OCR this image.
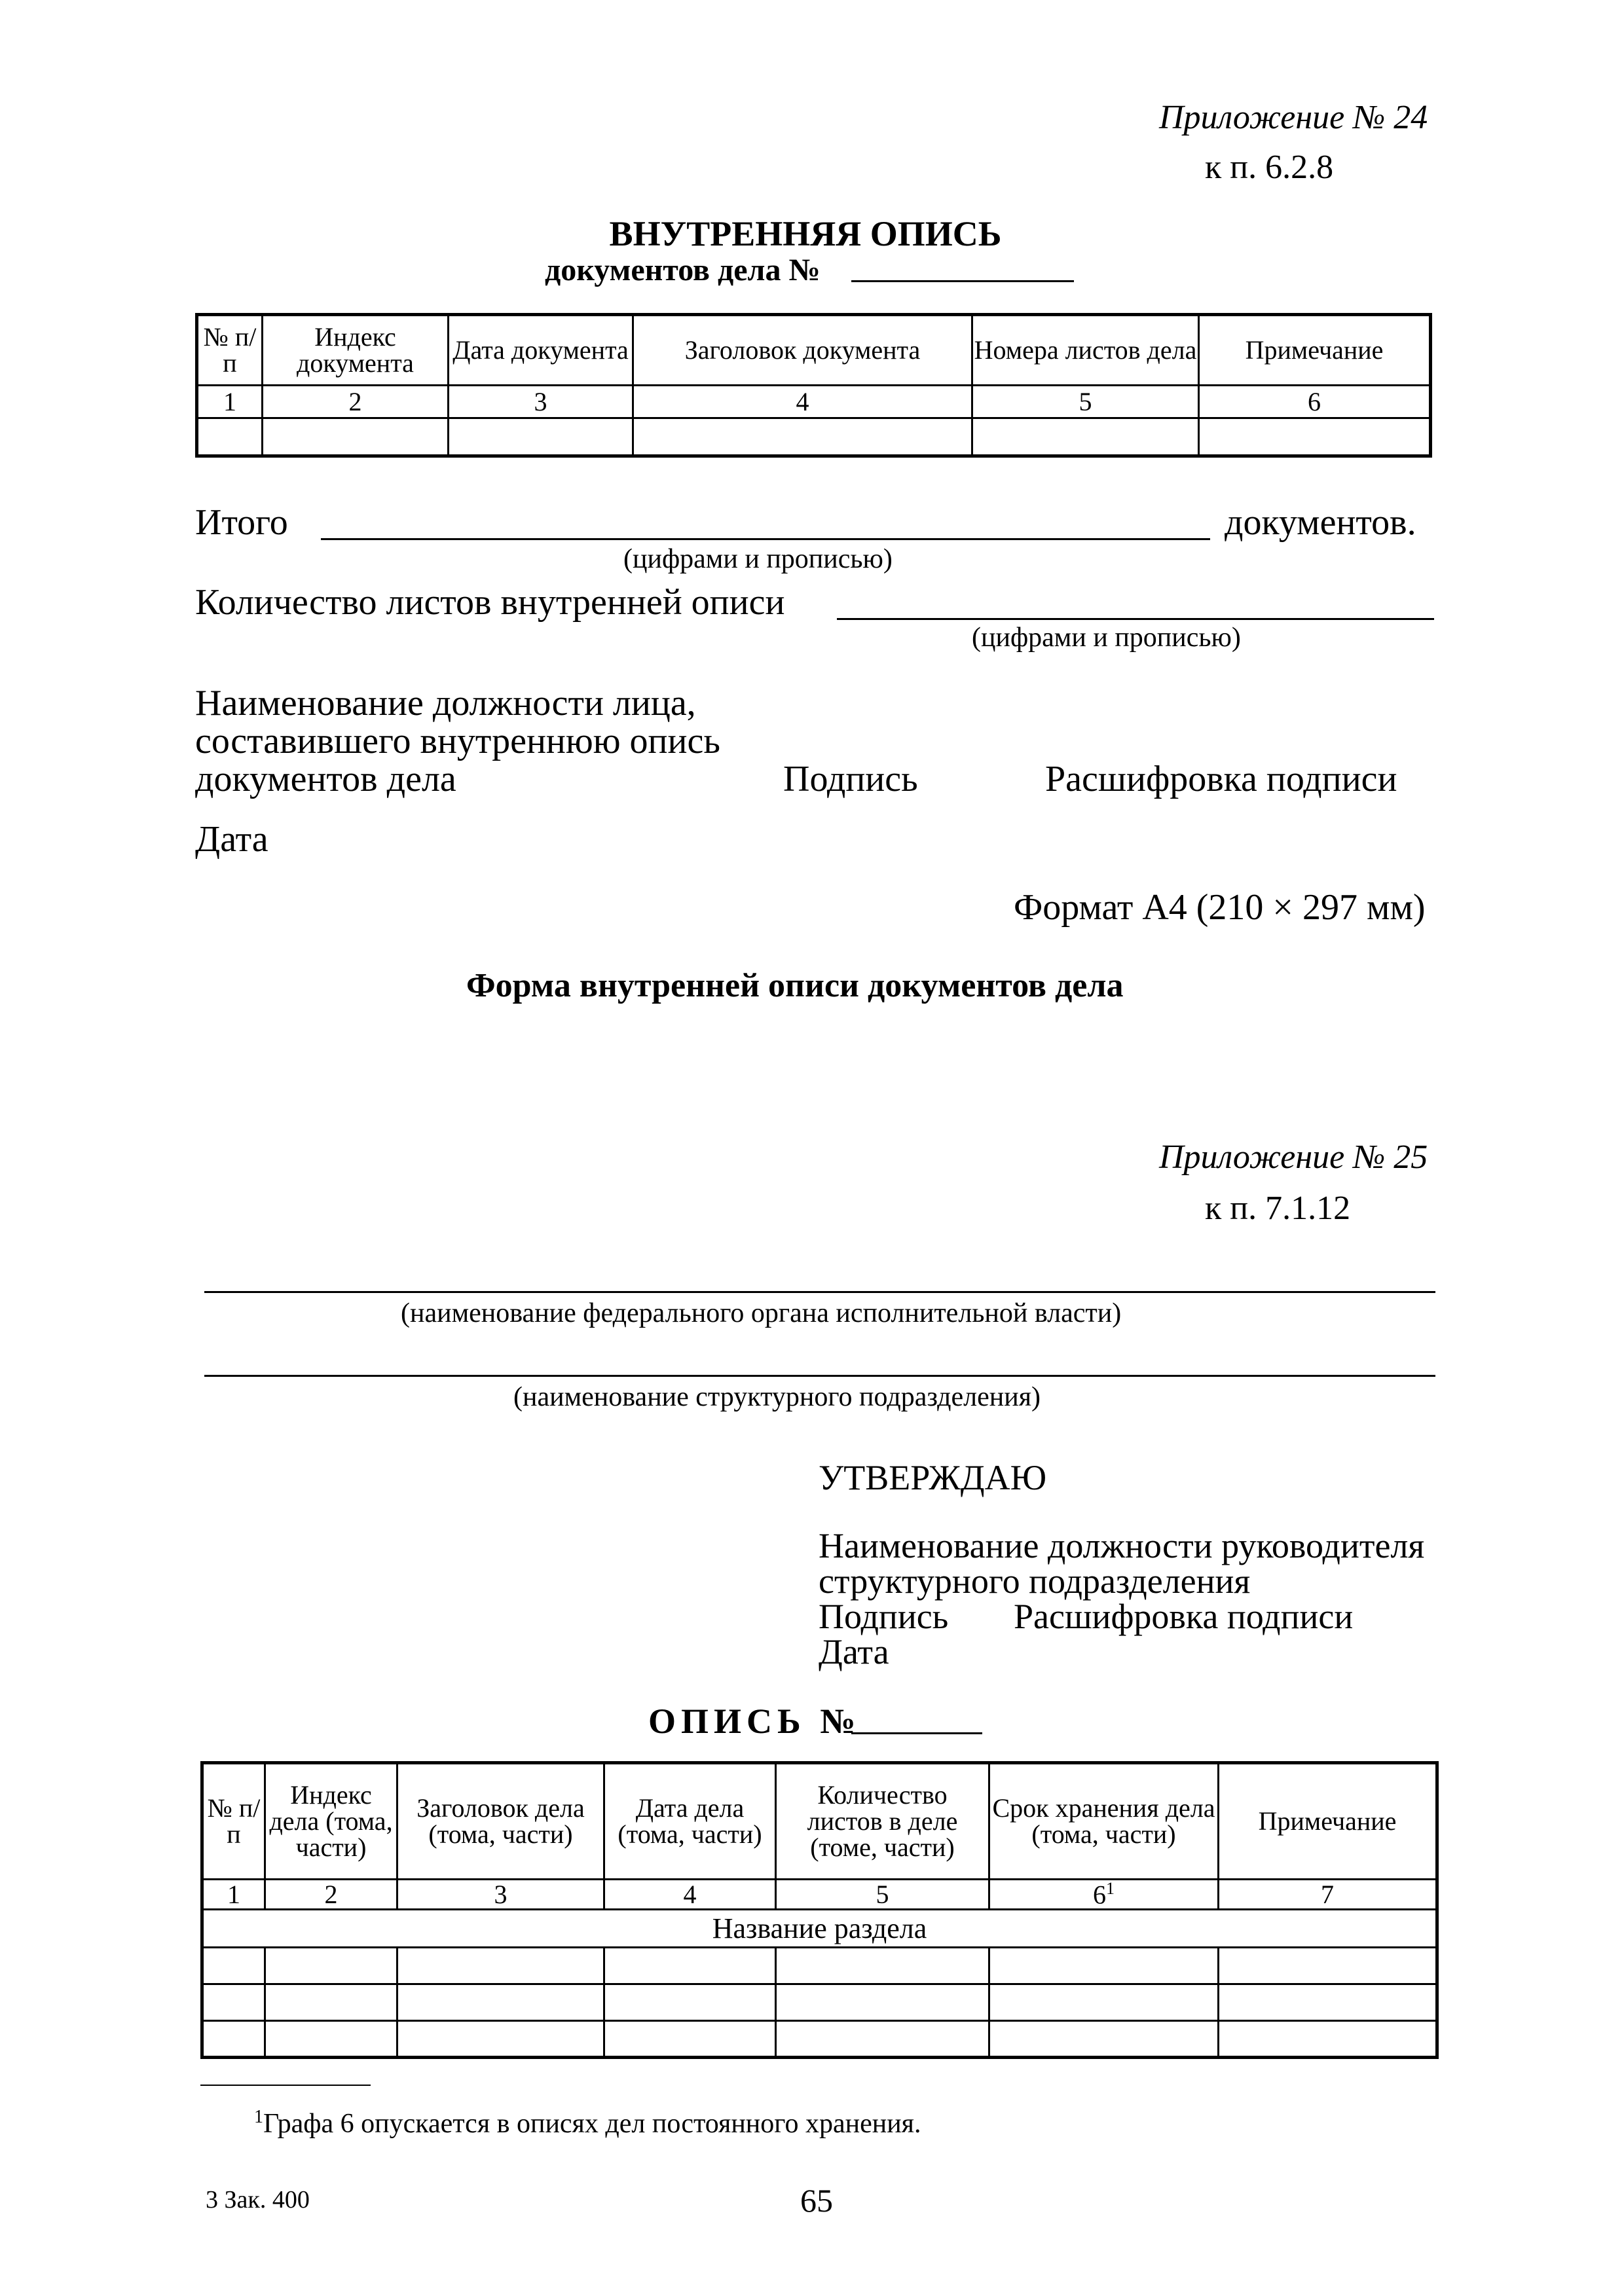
Приложение № 24
к п. 6.2.8
ВНУТРЕННЯЯ ОПИСЬ
документов дела №
№ п/п	Индекс документа	Дата документа	Заголовок документа	Номера листов дела	Примечание
1	2	3	4	5	6

Итого	документов.
(цифрами и прописью)
Количество листов внутренней описи
(цифрами и прописью)
Наименование должности лица,
составившего внутреннюю опись
документов дела	Подпись	Расшифровка подписи
Дата
Формат А4 (210 × 297 мм)
Форма внутренней описи документов дела
Приложение № 25
к п. 7.1.12
(наименование федерального органа исполнительной власти)
(наименование структурного подразделения)
УТВЕРЖДАЮ
Наименование должности руководителя
структурного подразделения
Подпись Расшифровка подписи
Дата
ОПИСЬ №
№ п/п	Индекс дела (тома, части)	Заголовок дела (тома, части)	Дата дела (тома, части)	Количество листов в деле (томе, части)	Срок хранения дела (тома, части)	Примечание
1	2	3	4	5	$6^1$	7
Название раздела						

$^1$Графа 6 опускается в описях дел постоянного хранения.
3 Зак. 400	65
